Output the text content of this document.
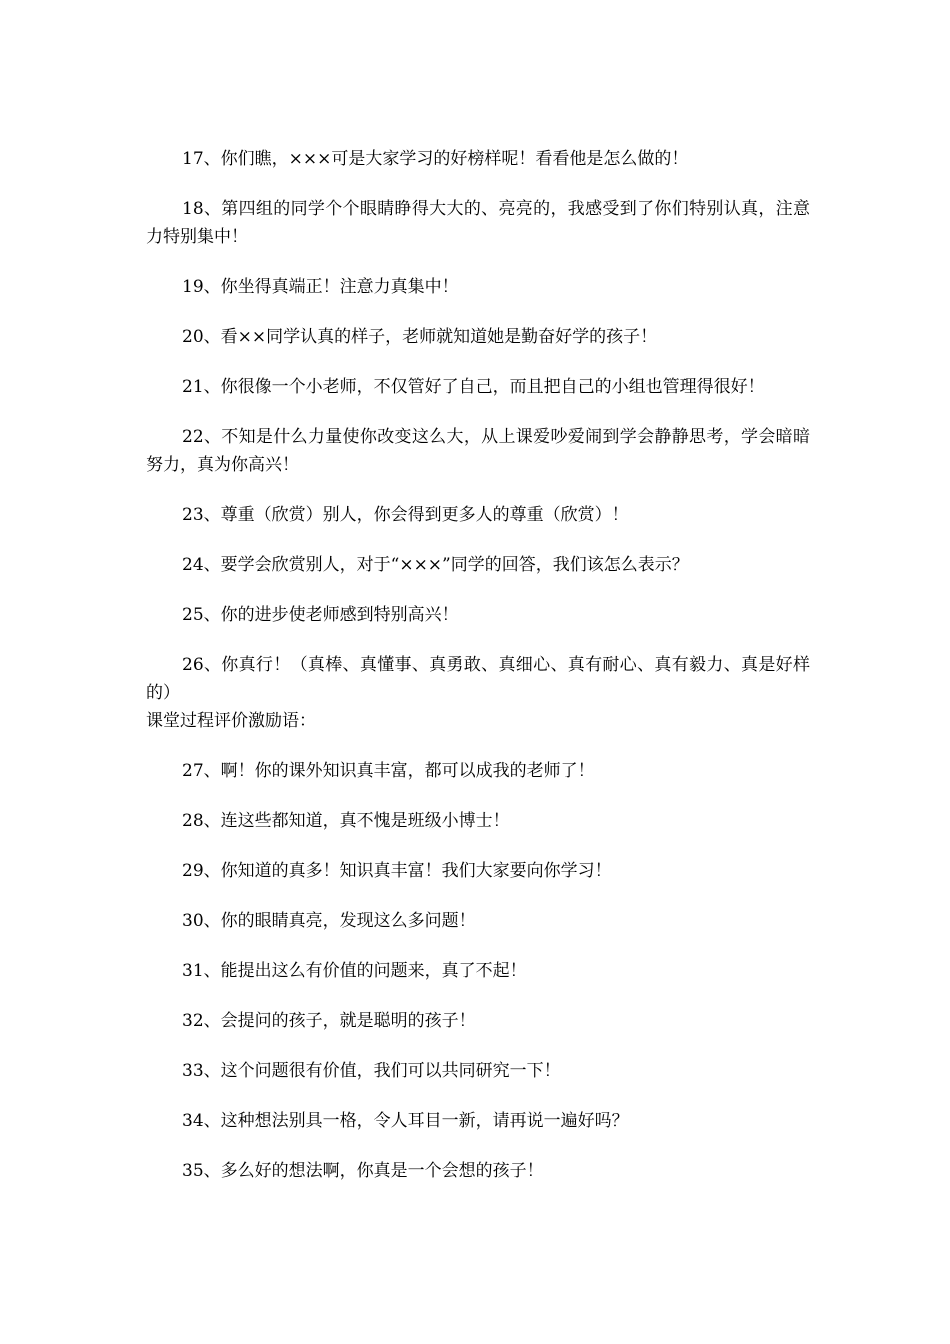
17、你们瞧，×××可是大家学习的好榜样呢！看看他是怎么做的！

18、第四组的同学个个眼睛睁得大大的、亮亮的，我感受到了你们特别认真，注意力特别集中！

19、你坐得真端正！注意力真集中！

20、看××同学认真的样子，老师就知道她是勤奋好学的孩子！

21、你很像一个小老师，不仅管好了自己，而且把自己的小组也管理得很好！

22、不知是什么力量使你改变这么大，从上课爱吵爱闹到学会静静思考，学会暗暗努力，真为你高兴！

23、尊重（欣赏）别人，你会得到更多人的尊重（欣赏）！

24、要学会欣赏别人，对于“×××”同学的回答，我们该怎么表示？

25、你的进步使老师感到特别高兴！

26、你真行！（真棒、真懂事、真勇敢、真细心、真有耐心、真有毅力、真是好样的）

课堂过程评价激励语：

27、啊！你的课外知识真丰富，都可以成我的老师了！

28、连这些都知道，真不愧是班级小博士！

29、你知道的真多！知识真丰富！我们大家要向你学习！

30、你的眼睛真亮，发现这么多问题！

31、能提出这么有价值的问题来，真了不起！

32、会提问的孩子，就是聪明的孩子！

33、这个问题很有价值，我们可以共同研究一下！

34、这种想法别具一格，令人耳目一新，请再说一遍好吗？

35、多么好的想法啊，你真是一个会想的孩子！
